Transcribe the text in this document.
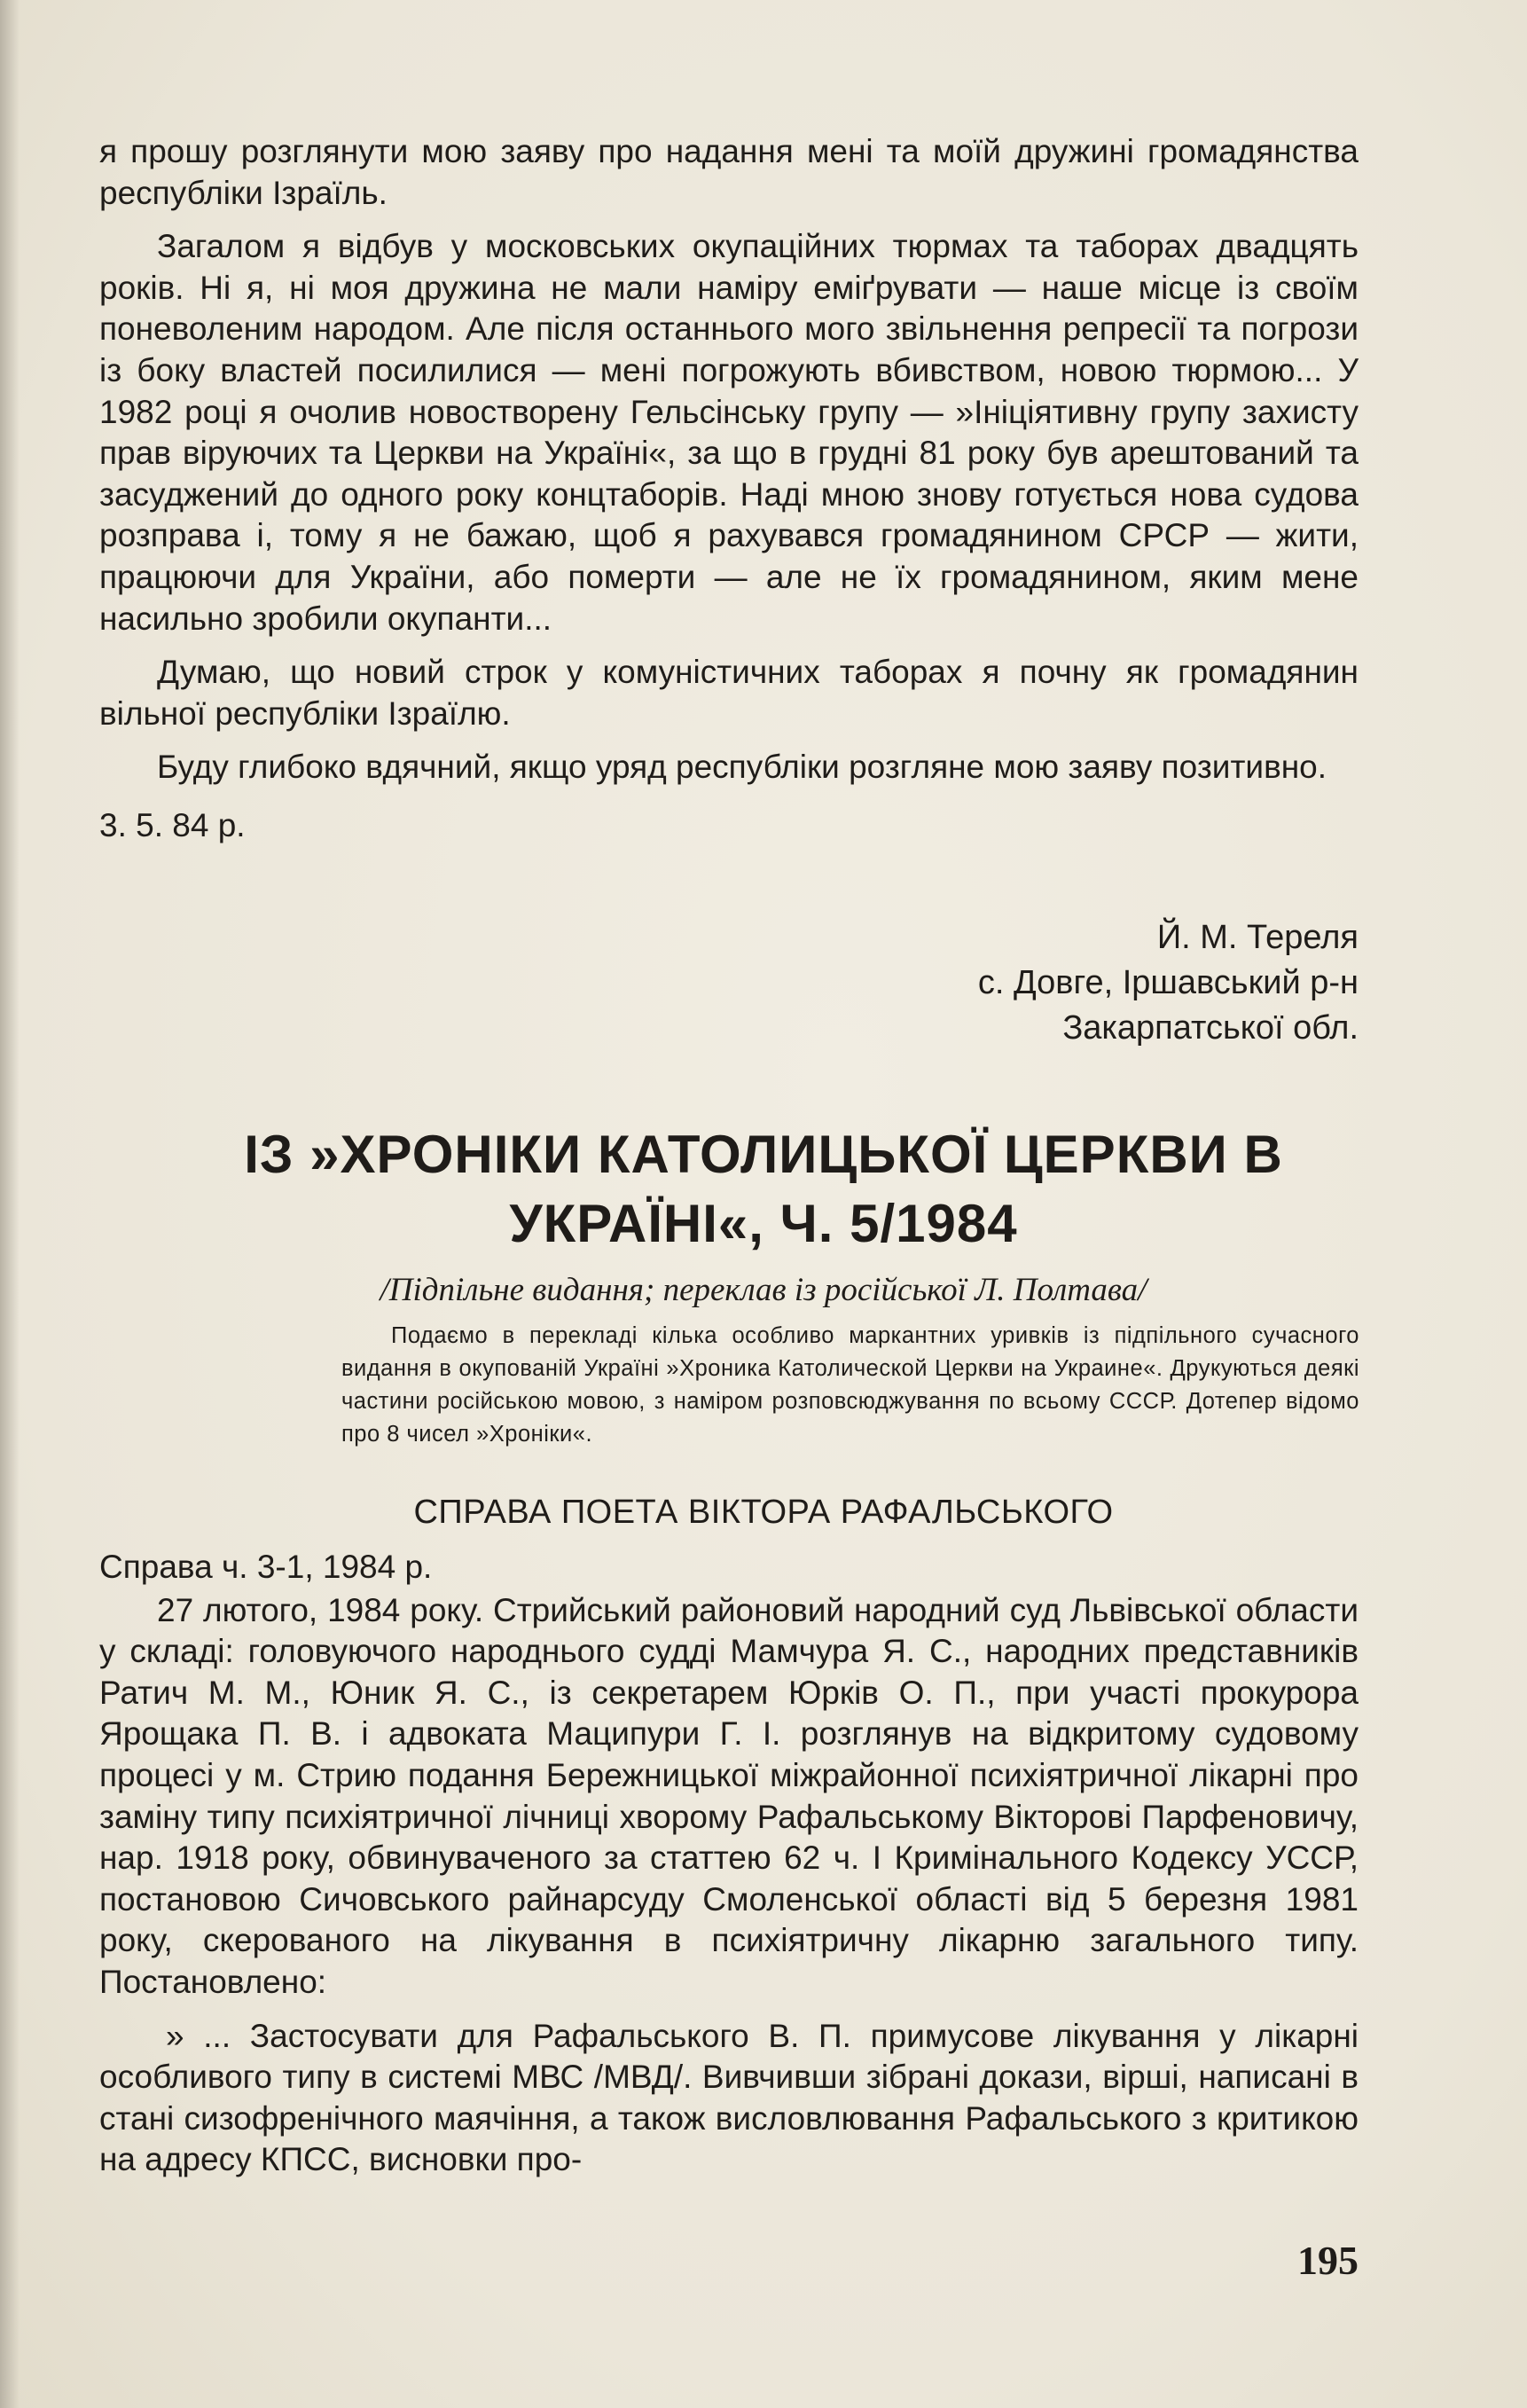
я прошу розглянути мою заяву про надання мені та моїй дружині громадянства республіки Ізраїль.

Загалом я відбув у московських окупаційних тюрмах та таборах двадцять років. Ні я, ні моя дружина не мали наміру еміґрувати — наше місце із своїм поневоленим народом. Але після останнього мого звільнення репресії та погрози із боку властей посилилися — мені погрожують вбивством, новою тюрмою... У 1982 році я очолив новостворену Гельсінську групу — »Ініціятивну групу захисту прав віруючих та Церкви на Україні«, за що в грудні 81 року був арештований та засуджений до одного року концтаборів. Наді мною знову готується нова судова розправа і, тому я не бажаю, щоб я рахувався громадянином СРСР — жити, працюючи для України, або померти — але не їх громадянином, яким мене насильно зробили окупанти...

Думаю, що новий строк у комуністичних таборах я почну як громадянин вільної республіки Ізраїлю.

Буду глибоко вдячний, якщо уряд республіки розгляне мою заяву позитивно.

3. 5. 84 р.

Й. М. Тереля
с. Довге, Іршавський р-н
Закарпатської обл.
ІЗ »ХРОНІКИ КАТОЛИЦЬКОЇ ЦЕРКВИ В
УКРАЇНІ«, Ч. 5/1984
/Підпільне видання; переклав із російської Л. Полтава/

Подаємо в перекладі кілька особливо маркантних уривків із підпільного сучасного видання в окупованій Україні »Хроника Католической Церкви на Украине«. Друкуються деякі частини російською мовою, з наміром розповсюджування по всьому СССР. Дотепер відомо про 8 чисел »Хроніки«.

СПРАВА ПОЕТА ВІКТОРА РАФАЛЬСЬКОГО

Справа ч. 3-1, 1984 р.

27 лютого, 1984 року. Стрийський районовий народний суд Львівської области у складі: головуючого народнього судді Мамчура Я. С., народних представників Ратич М. М., Юник Я. С., із секретарем Юрків О. П., при участі прокурора Ярощака П. В. і адвоката Маципури Г. І. розглянув на відкритому судовому процесі у м. Стрию подання Бережницької міжрайонної психіятричної лікарні про заміну типу психіятричної лічниці хворому Рафальському Вікторові Парфеновичу, нар. 1918 року, обвинуваченого за статтею 62 ч. І Кримінального Кодексу УССР, постановою Сичовського райнарсуду Смоленської області від 5 березня 1981 року, скерованого на лікування в психіятричну лікарню загального типу. Постановлено:

» ... Застосувати для Рафальського В. П. примусове лікування у лікарні особливого типу в системі МВС /МВД/. Вивчивши зібрані докази, вірші, написані в стані сизофренічного маячіння, а також висловлювання Рафальського з критикою на адресу КПСС, висновки про-

195
